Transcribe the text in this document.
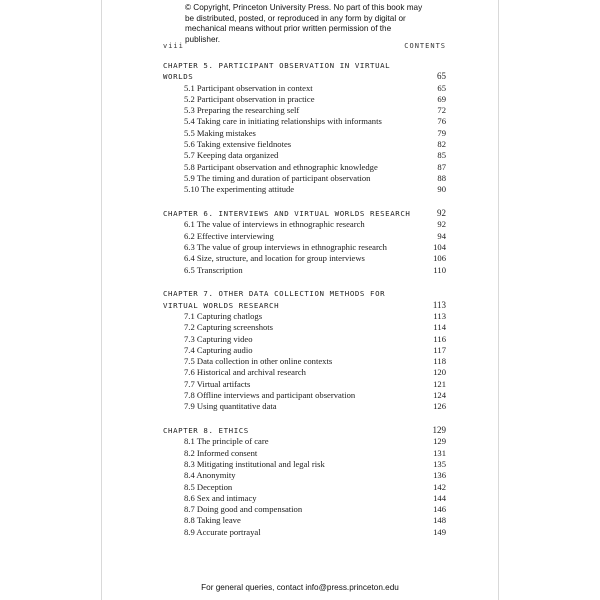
© Copyright, Princeton University Press. No part of this book may be distributed, posted, or reproduced in any form by digital or mechanical means without prior written permission of the publisher.
viii	CONTENTS
CHAPTER 5. PARTICIPANT OBSERVATION IN VIRTUAL WORLDS	65
5.1 Participant observation in context	65
5.2 Participant observation in practice	69
5.3 Preparing the researching self	72
5.4 Taking care in initiating relationships with informants	76
5.5 Making mistakes	79
5.6 Taking extensive fieldnotes	82
5.7 Keeping data organized	85
5.8 Participant observation and ethnographic knowledge	87
5.9 The timing and duration of participant observation	88
5.10 The experimenting attitude	90
CHAPTER 6. INTERVIEWS AND VIRTUAL WORLDS RESEARCH	92
6.1 The value of interviews in ethnographic research	92
6.2 Effective interviewing	94
6.3 The value of group interviews in ethnographic research	104
6.4 Size, structure, and location for group interviews	106
6.5 Transcription	110
CHAPTER 7. OTHER DATA COLLECTION METHODS FOR VIRTUAL WORLDS RESEARCH	113
7.1 Capturing chatlogs	113
7.2 Capturing screenshots	114
7.3 Capturing video	116
7.4 Capturing audio	117
7.5 Data collection in other online contexts	118
7.6 Historical and archival research	120
7.7 Virtual artifacts	121
7.8 Offline interviews and participant observation	124
7.9 Using quantitative data	126
CHAPTER 8. ETHICS	129
8.1 The principle of care	129
8.2 Informed consent	131
8.3 Mitigating institutional and legal risk	135
8.4 Anonymity	136
8.5 Deception	142
8.6 Sex and intimacy	144
8.7 Doing good and compensation	146
8.8 Taking leave	148
8.9 Accurate portrayal	149
For general queries, contact info@press.princeton.edu
